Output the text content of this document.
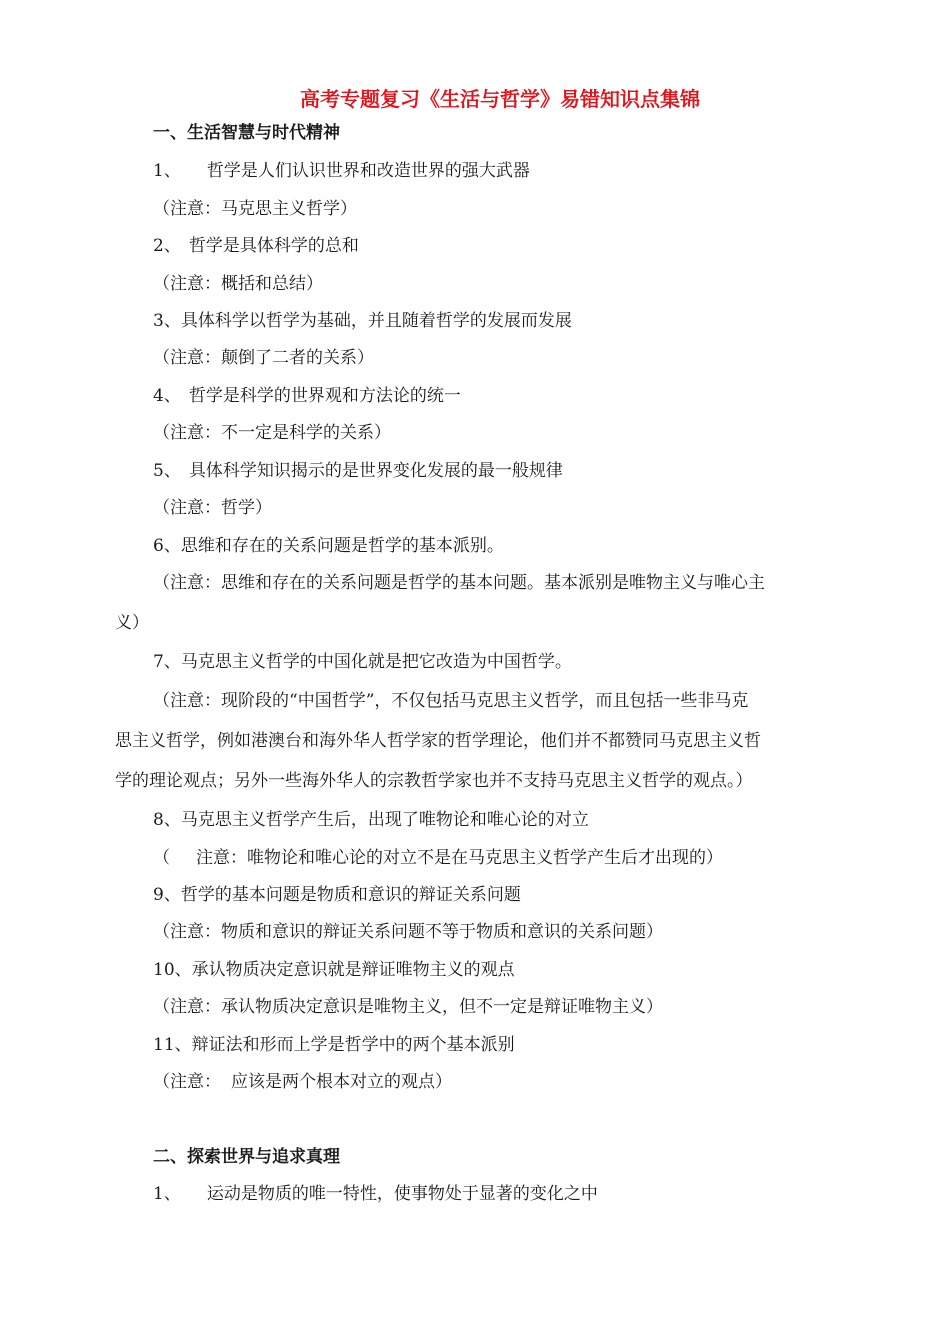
高考专题复习《生活与哲学》易错知识点集锦
一、生活智慧与时代精神
1、 哲学是人们认识世界和改造世界的强大武器
（注意：马克思主义哲学）
2、 哲学是具体科学的总和
（注意：概括和总结）
3、具体科学以哲学为基础，并且随着哲学的发展而发展
（注意：颠倒了二者的关系）
4、 哲学是科学的世界观和方法论的统一
（注意：不一定是科学的关系）
5、 具体科学知识揭示的是世界变化发展的最一般规律
（注意：哲学）
6、思维和存在的关系问题是哲学的基本派别。
（注意：思维和存在的关系问题是哲学的基本问题。基本派别是唯物主义与唯心主
义）
7、马克思主义哲学的中国化就是把它改造为中国哲学。
（注意：现阶段的“中国哲学”，不仅包括马克思主义哲学，而且包括一些非马克
思主义哲学，例如港澳台和海外华人哲学家的哲学理论，他们并不都赞同马克思主义哲
学的理论观点；另外一些海外华人的宗教哲学家也并不支持马克思主义哲学的观点。）
8、马克思主义哲学产生后，出现了唯物论和唯心论的对立
（ 注意：唯物论和唯心论的对立不是在马克思主义哲学产生后才出现的）
9、哲学的基本问题是物质和意识的辩证关系问题
（注意：物质和意识的辩证关系问题不等于物质和意识的关系问题）
10、承认物质决定意识就是辩证唯物主义的观点
（注意：承认物质决定意识是唯物主义，但不一定是辩证唯物主义）
11、辩证法和形而上学是哲学中的两个基本派别
（注意： 应该是两个根本对立的观点）
二、探索世界与追求真理
1、 运动是物质的唯一特性，使事物处于显著的变化之中
